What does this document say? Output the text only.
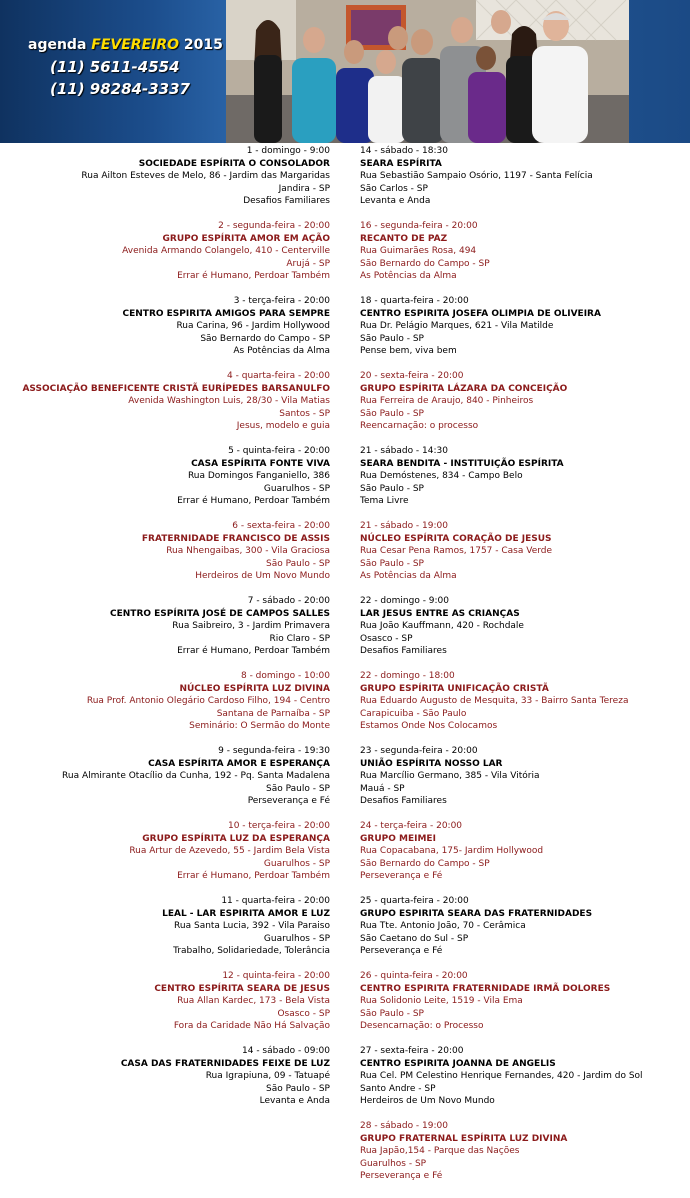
agenda FEVEREIRO 2015
(11) 5611-4554
(11) 98284-3337
1 - domingo - 9:00
SOCIEDADE ESPÍRITA O CONSOLADOR
Rua Ailton Esteves de Melo, 86 - Jardim das Margaridas
Jandira - SP
Desafios Familiares
2 - segunda-feira - 20:00
GRUPO ESPÍRITA AMOR EM AÇÃO
Avenida Armando Colangelo, 410 - Centerville
Arujá - SP
Errar é Humano, Perdoar Também
3 - terça-feira - 20:00
CENTRO ESPIRITA AMIGOS PARA SEMPRE
Rua Carina, 96 - Jardim Hollywood
São Bernardo do Campo - SP
As Potências da Alma
4 - quarta-feira - 20:00
ASSOCIAÇÃO BENEFICENTE CRISTÃ EURÍPEDES BARSANULFO
Avenida Washington Luis, 28/30 - Vila Matias
Santos - SP
Jesus, modelo e guia
5 - quinta-feira - 20:00
CASA ESPÍRITA FONTE VIVA
Rua Domingos Fanganiello, 386
Guarulhos - SP
Errar é Humano, Perdoar Também
6 - sexta-feira - 20:00
FRATERNIDADE FRANCISCO DE ASSIS
Rua Nhengaibas, 300 - Vila Graciosa
São Paulo - SP
Herdeiros de Um Novo Mundo
7 - sábado - 20:00
CENTRO ESPÍRITA JOSÉ DE CAMPOS SALLES
Rua Saibreiro, 3 - Jardim Primavera
Rio Claro - SP
Errar é Humano, Perdoar Também
8 - domingo - 10:00
NÚCLEO ESPÍRITA LUZ DIVINA
Rua Prof. Antonio Olegário Cardoso Filho, 194 - Centro
Santana de Parnaíba - SP
Seminário: O Sermão do Monte
9 - segunda-feira - 19:30
CASA ESPÍRITA AMOR E ESPERANÇA
Rua Almirante Otacílio da Cunha, 192 - Pq. Santa Madalena
São Paulo - SP
Perseverança e Fé
10 - terça-feira - 20:00
GRUPO ESPÍRITA LUZ DA ESPERANÇA
Rua Artur de Azevedo, 55 - Jardim Bela Vista
Guarulhos - SP
Errar é Humano, Perdoar Também
11 - quarta-feira - 20:00
LEAL - LAR ESPIRITA AMOR E LUZ
Rua Santa Lucia, 392 - Vila Paraiso
Guarulhos - SP
Trabalho, Solidariedade, Tolerância
12 - quinta-feira - 20:00
CENTRO ESPÍRITA SEARA DE JESUS
Rua Allan Kardec, 173 - Bela Vista
Osasco - SP
Fora da Caridade Não Há Salvação
14 - sábado - 09:00
CASA DAS FRATERNIDADES FEIXE DE LUZ
Rua Igrapiuna, 09 - Tatuapé
São Paulo - SP
Levanta e Anda
14 - sábado - 18:30
SEARA ESPÍRITA
Rua Sebastião Sampaio Osório, 1197 - Santa Felícia
São Carlos - SP
Levanta e Anda
16 - segunda-feira - 20:00
RECANTO DE PAZ
Rua Guimarães Rosa, 494
São Bernardo do Campo - SP
As Potências da Alma
18 - quarta-feira - 20:00
CENTRO ESPIRITA JOSEFA OLIMPIA DE OLIVEIRA
Rua Dr. Pelágio Marques, 621 - Vila Matilde
São Paulo - SP
Pense bem, viva bem
20 - sexta-feira - 20:00
GRUPO ESPÍRITA LÁZARA DA CONCEIÇÃO
Rua Ferreira de Araujo, 840 - Pinheiros
São Paulo - SP
Reencarnação: o processo
21 - sábado - 14:30
SEARA BENDITA - INSTITUIÇÃO ESPÍRITA
Rua Demóstenes, 834 - Campo Belo
São Paulo - SP
Tema Livre
21 - sábado - 19:00
NÚCLEO ESPÍRITA CORAÇÃO DE JESUS
Rua Cesar Pena Ramos, 1757 - Casa Verde
São Paulo - SP
As Potências da Alma
22 - domingo - 9:00
LAR JESUS ENTRE AS CRIANÇAS
Rua João Kauffmann, 420 - Rochdale
Osasco - SP
Desafios Familiares
22 - domingo - 18:00
GRUPO ESPÍRITA UNIFICAÇÃO CRISTÃ
Rua Eduardo Augusto de Mesquita, 33 - Bairro Santa Tereza
Carapicuiba - São Paulo
Estamos Onde Nos Colocamos
23 - segunda-feira - 20:00
UNIÃO ESPÍRITA NOSSO LAR
Rua Marcílio Germano, 385 - Vila Vitória
Mauá - SP
Desafios Familiares
24 - terça-feira - 20:00
GRUPO MEIMEI
Rua Copacabana, 175- Jardim Hollywood
São Bernardo do Campo - SP
Perseverança e Fé
25 - quarta-feira - 20:00
GRUPO ESPIRITA SEARA DAS FRATERNIDADES
Rua Tte. Antonio João, 70 - Cerâmica
São Caetano do Sul - SP
Perseverança e Fé
26 - quinta-feira - 20:00
CENTRO ESPIRITA FRATERNIDADE IRMÃ DOLORES
Rua Solidonio Leite, 1519 - Vila Ema
São Paulo - SP
Desencarnação: o Processo
27 - sexta-feira - 20:00
CENTRO ESPIRITA JOANNA DE ANGELIS
Rua Cel. PM Celestino Henrique Fernandes, 420 - Jardim do Sol
Santo Andre - SP
Herdeiros de Um Novo Mundo
28 - sábado - 19:00
GRUPO FRATERNAL ESPÍRITA LUZ DIVINA
Rua Japão,154 - Parque das Nações
Guarulhos - SP
Perseverança e Fé
